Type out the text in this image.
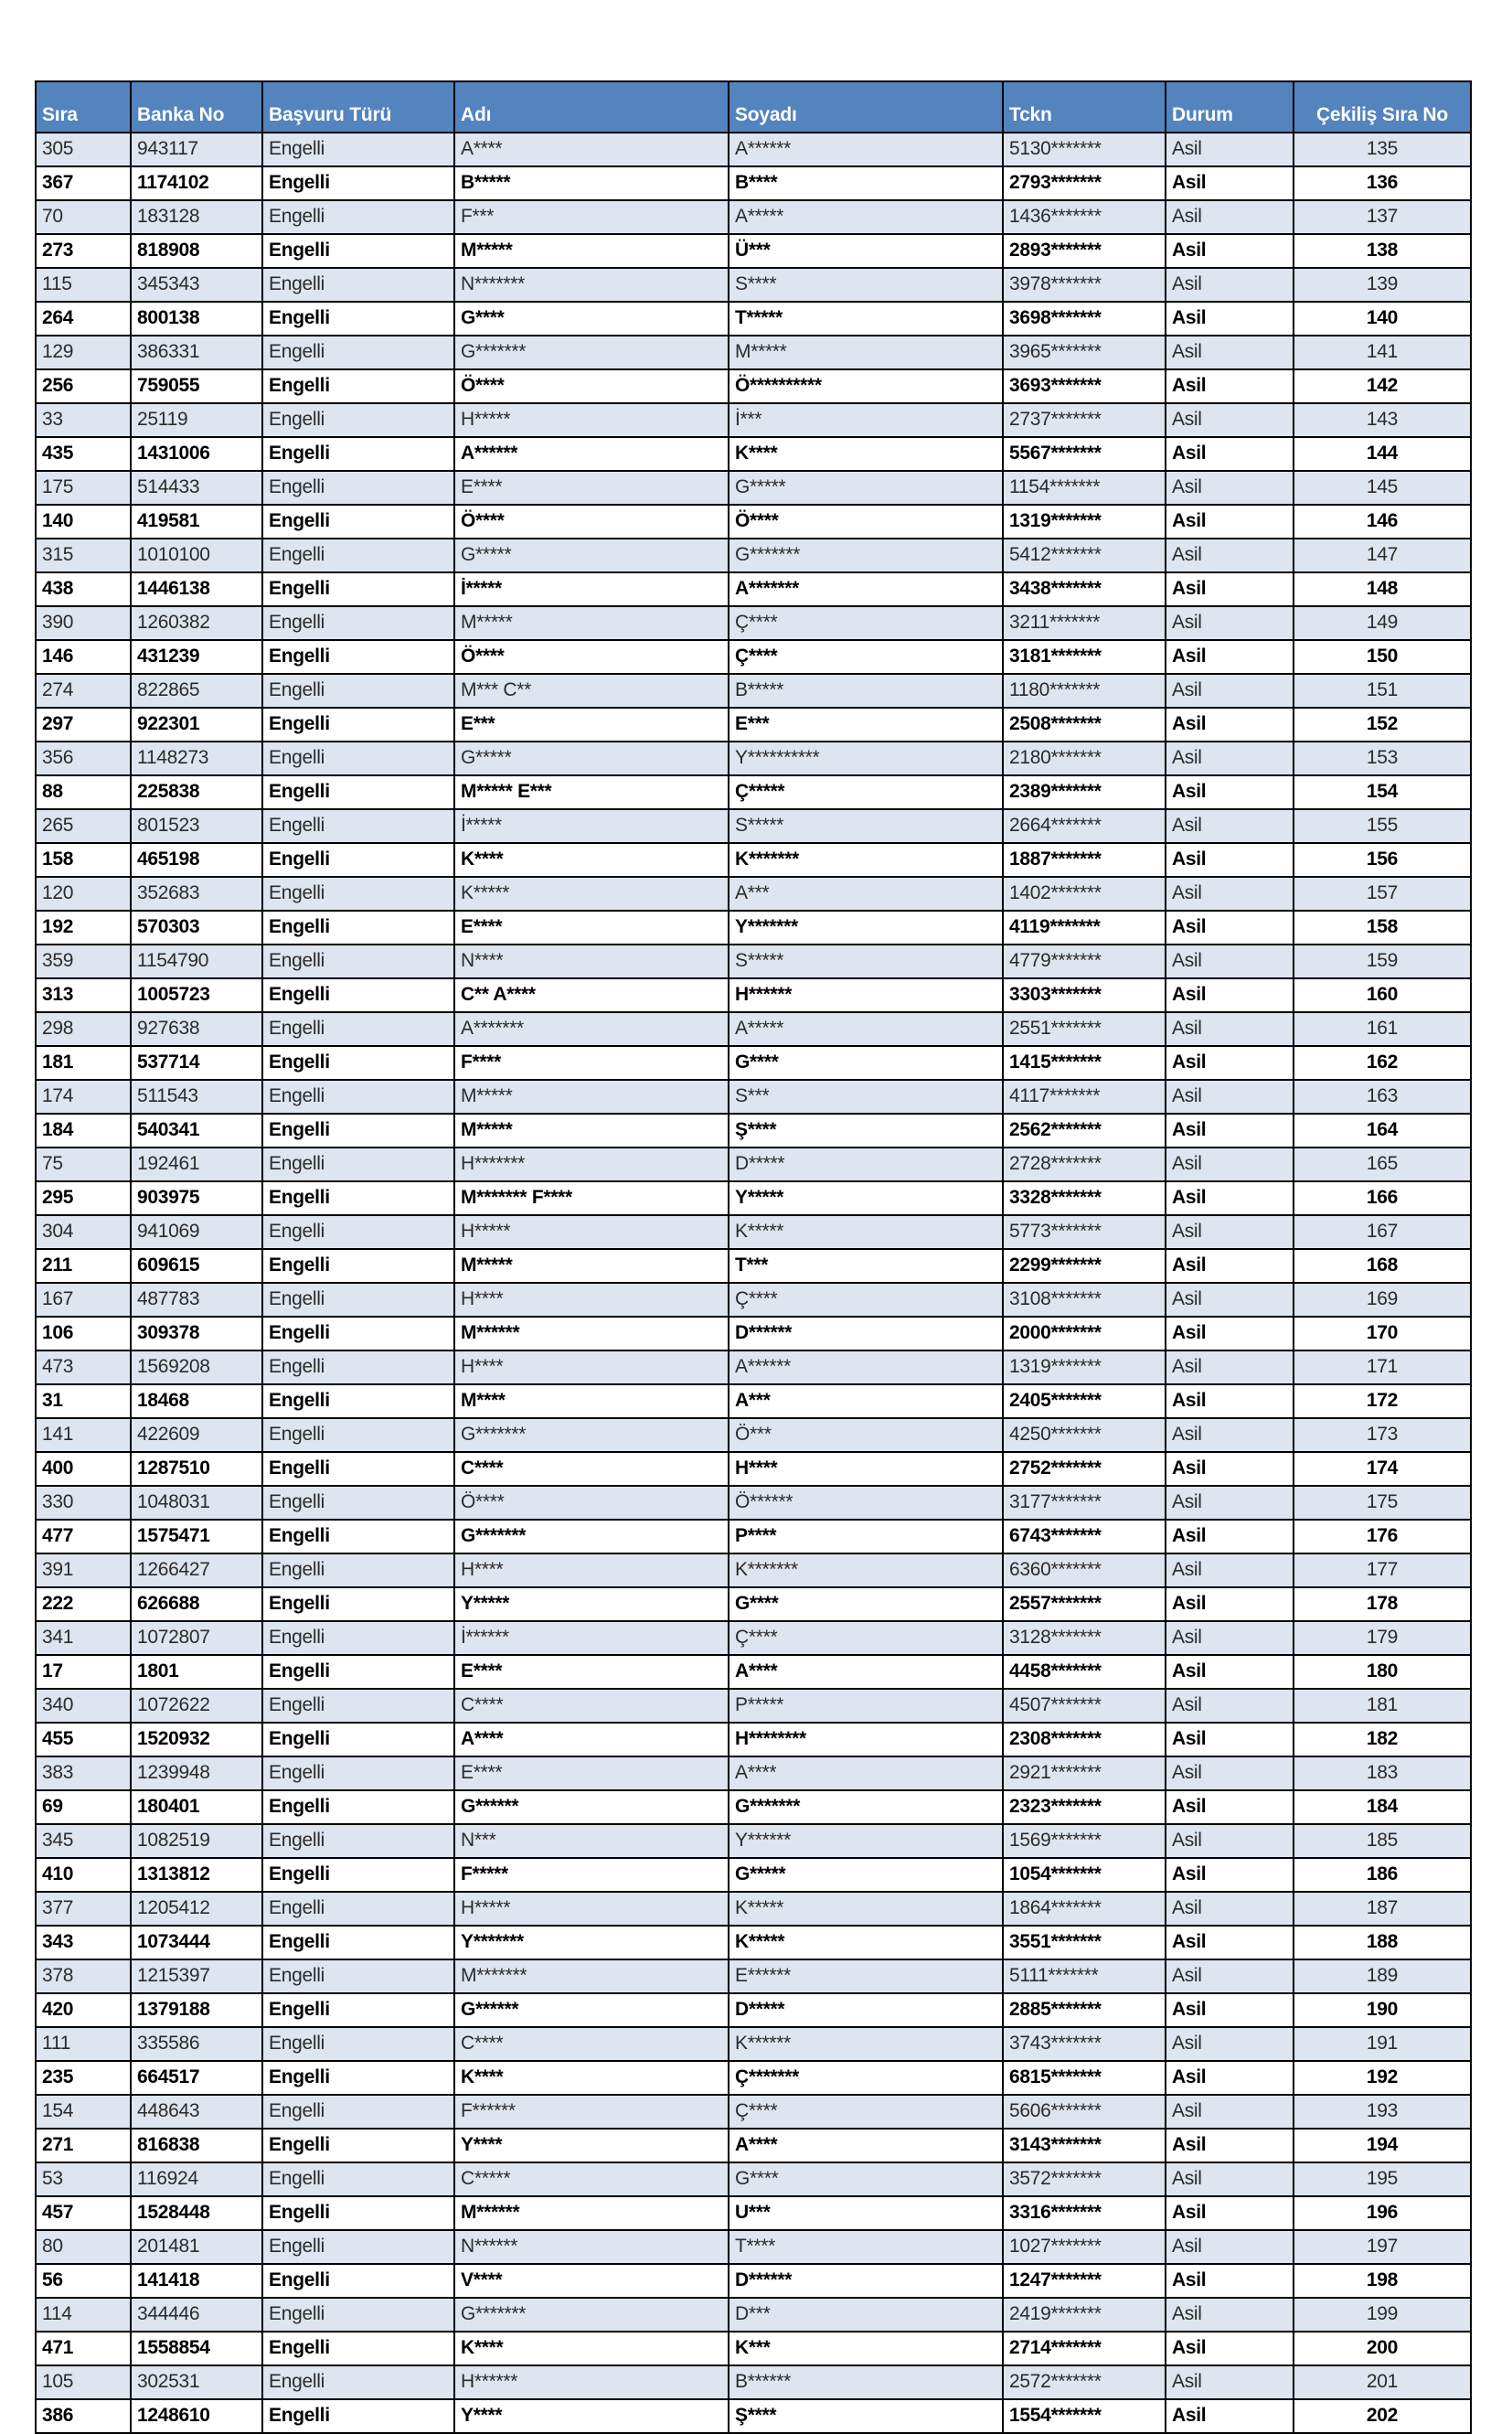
Sıra	Banka No	Başvuru Türü	Adı	Soyadı	Tckn	Durum	Çekiliş Sıra No
305	943117	Engelli	A****	A******	5130*******	Asil	135
367	1174102	Engelli	B*****	B****	2793*******	Asil	136
70	183128	Engelli	F***	A*****	1436*******	Asil	137
273	818908	Engelli	M*****	Ü***	2893*******	Asil	138
115	345343	Engelli	N*******	S****	3978*******	Asil	139
264	800138	Engelli	G****	T*****	3698*******	Asil	140
129	386331	Engelli	G*******	M*****	3965*******	Asil	141
256	759055	Engelli	Ö****	Ö**********	3693*******	Asil	142
33	25119	Engelli	H*****	İ***	2737*******	Asil	143
435	1431006	Engelli	A******	K****	5567*******	Asil	144
175	514433	Engelli	E****	G*****	1154*******	Asil	145
140	419581	Engelli	Ö****	Ö****	1319*******	Asil	146
315	1010100	Engelli	G*****	G*******	5412*******	Asil	147
438	1446138	Engelli	İ*****	A*******	3438*******	Asil	148
390	1260382	Engelli	M*****	Ç****	3211*******	Asil	149
146	431239	Engelli	Ö****	Ç****	3181*******	Asil	150
274	822865	Engelli	M*** C**	B*****	1180*******	Asil	151
297	922301	Engelli	E***	E***	2508*******	Asil	152
356	1148273	Engelli	G*****	Y**********	2180*******	Asil	153
88	225838	Engelli	M***** E***	Ç*****	2389*******	Asil	154
265	801523	Engelli	İ*****	S*****	2664*******	Asil	155
158	465198	Engelli	K****	K*******	1887*******	Asil	156
120	352683	Engelli	K*****	A***	1402*******	Asil	157
192	570303	Engelli	E****	Y*******	4119*******	Asil	158
359	1154790	Engelli	N****	S*****	4779*******	Asil	159
313	1005723	Engelli	C** A****	H******	3303*******	Asil	160
298	927638	Engelli	A*******	A*****	2551*******	Asil	161
181	537714	Engelli	F****	G****	1415*******	Asil	162
174	511543	Engelli	M*****	S***	4117*******	Asil	163
184	540341	Engelli	M*****	Ş****	2562*******	Asil	164
75	192461	Engelli	H*******	D*****	2728*******	Asil	165
295	903975	Engelli	M******* F****	Y*****	3328*******	Asil	166
304	941069	Engelli	H*****	K*****	5773*******	Asil	167
211	609615	Engelli	M*****	T***	2299*******	Asil	168
167	487783	Engelli	H****	Ç****	3108*******	Asil	169
106	309378	Engelli	M******	D******	2000*******	Asil	170
473	1569208	Engelli	H****	A******	1319*******	Asil	171
31	18468	Engelli	M****	A***	2405*******	Asil	172
141	422609	Engelli	G*******	Ö***	4250*******	Asil	173
400	1287510	Engelli	C****	H****	2752*******	Asil	174
330	1048031	Engelli	Ö****	Ö******	3177*******	Asil	175
477	1575471	Engelli	G*******	P****	6743*******	Asil	176
391	1266427	Engelli	H****	K*******	6360*******	Asil	177
222	626688	Engelli	Y*****	G****	2557*******	Asil	178
341	1072807	Engelli	İ******	Ç****	3128*******	Asil	179
17	1801	Engelli	E****	A****	4458*******	Asil	180
340	1072622	Engelli	C****	P*****	4507*******	Asil	181
455	1520932	Engelli	A****	H********	2308*******	Asil	182
383	1239948	Engelli	E****	A****	2921*******	Asil	183
69	180401	Engelli	G******	G*******	2323*******	Asil	184
345	1082519	Engelli	N***	Y******	1569*******	Asil	185
410	1313812	Engelli	F*****	G*****	1054*******	Asil	186
377	1205412	Engelli	H*****	K*****	1864*******	Asil	187
343	1073444	Engelli	Y*******	K*****	3551*******	Asil	188
378	1215397	Engelli	M*******	E******	5111*******	Asil	189
420	1379188	Engelli	G******	D*****	2885*******	Asil	190
111	335586	Engelli	C****	K******	3743*******	Asil	191
235	664517	Engelli	K****	Ç*******	6815*******	Asil	192
154	448643	Engelli	F******	Ç****	5606*******	Asil	193
271	816838	Engelli	Y****	A****	3143*******	Asil	194
53	116924	Engelli	C*****	G****	3572*******	Asil	195
457	1528448	Engelli	M******	U***	3316*******	Asil	196
80	201481	Engelli	N******	T****	1027*******	Asil	197
56	141418	Engelli	V****	D******	1247*******	Asil	198
114	344446	Engelli	G*******	D***	2419*******	Asil	199
471	1558854	Engelli	K****	K***	2714*******	Asil	200
105	302531	Engelli	H******	B******	2572*******	Asil	201
386	1248610	Engelli	Y****	Ş****	1554*******	Asil	202
